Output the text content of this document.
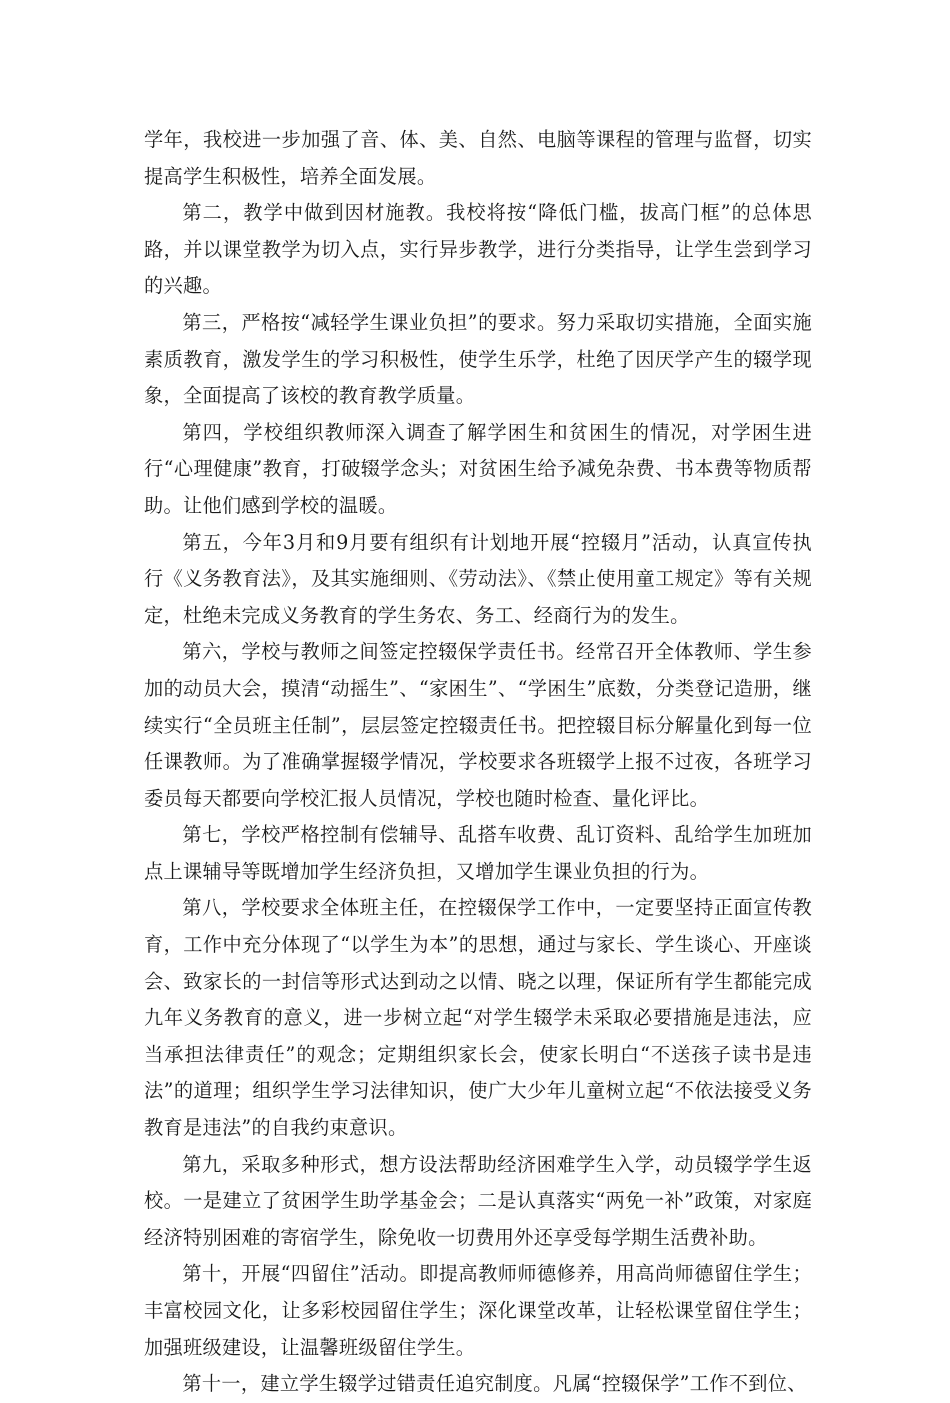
学年，我校进一步加强了音、体、美、自然、电脑等课程的管理与监督，切实提高学生积极性，培养全面发展。

第二，教学中做到因材施教。我校将按“降低门槛，拔高门框”的总体思路，并以课堂教学为切入点，实行异步教学，进行分类指导，让学生尝到学习的兴趣。

第三，严格按“减轻学生课业负担”的要求。努力采取切实措施，全面实施素质教育，激发学生的学习积极性，使学生乐学，杜绝了因厌学产生的辍学现象，全面提高了该校的教育教学质量。

第四，学校组织教师深入调查了解学困生和贫困生的情况，对学困生进行“心理健康”教育，打破辍学念头；对贫困生给予减免杂费、书本费等物质帮助。让他们感到学校的温暖。

第五，今年3月和9月要有组织有计划地开展“控辍月”活动，认真宣传执行《义务教育法》，及其实施细则、《劳动法》、《禁止使用童工规定》等有关规定，杜绝未完成义务教育的学生务农、务工、经商行为的发生。

第六，学校与教师之间签定控辍保学责任书。经常召开全体教师、学生参加的动员大会，摸清“动摇生”、“家困生”、“学困生”底数，分类登记造册，继续实行“全员班主任制”，层层签定控辍责任书。把控辍目标分解量化到每一位任课教师。为了准确掌握辍学情况，学校要求各班辍学上报不过夜，各班学习委员每天都要向学校汇报人员情况，学校也随时检查、量化评比。

第七，学校严格控制有偿辅导、乱搭车收费、乱订资料、乱给学生加班加点上课辅导等既增加学生经济负担，又增加学生课业负担的行为。

第八，学校要求全体班主任，在控辍保学工作中，一定要坚持正面宣传教育，工作中充分体现了“以学生为本”的思想，通过与家长、学生谈心、开座谈会、致家长的一封信等形式达到动之以情、晓之以理，保证所有学生都能完成九年义务教育的意义，进一步树立起“对学生辍学未采取必要措施是违法，应当承担法律责任”的观念；定期组织家长会，使家长明白“不送孩子读书是违法”的道理；组织学生学习法律知识，使广大少年儿童树立起“不依法接受义务教育是违法”的自我约束意识。

第九，采取多种形式，想方设法帮助经济困难学生入学，动员辍学学生返校。一是建立了贫困学生助学基金会；二是认真落实“两免一补”政策，对家庭经济特别困难的寄宿学生，除免收一切费用外还享受每学期生活费补助。

第十，开展“四留住”活动。即提高教师师德修养，用高尚师德留住学生；丰富校园文化，让多彩校园留住学生；深化课堂改革，让轻松课堂留住学生；加强班级建设，让温馨班级留住学生。

第十一，建立学生辍学过错责任追究制度。凡属“控辍保学”工作不到位、
